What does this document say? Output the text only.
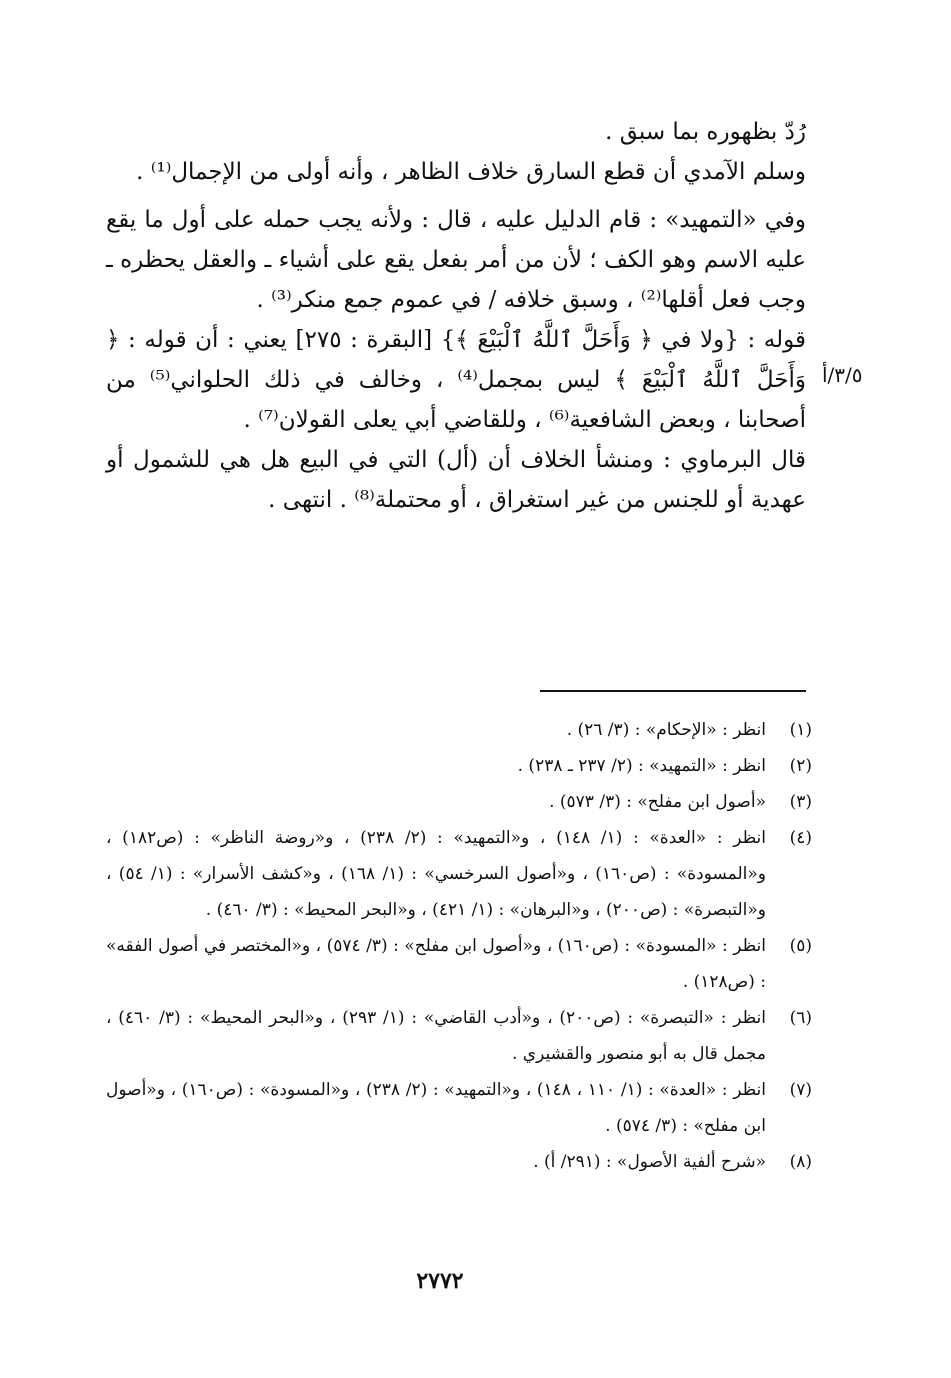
رُدّ بظهوره بما سبق .

وسلم الآمدي أن قطع السارق خلاف الظاهر ، وأنه أولى من الإجمال⁽¹⁾ .

وفي «التمهيد» : قام الدليل عليه ، قال : ولأنه يجب حمله على أول ما يقع عليه الاسم وهو الكف ؛ لأن من أمر بفعل يقع على أشياء ـ والعقل يحظره ـ وجب فعل أقلها⁽²⁾ ، وسبق خلافه / في عموم جمع منكر⁽³⁾ .

قوله : {ولا في ﴿ وَأَحَلَّ ٱللَّهُ ٱلْبَيْعَ ﴾} [البقرة : ٢٧٥] يعني : أن قوله : ﴿ وَأَحَلَّ ٱللَّهُ ٱلْبَيْعَ ﴾ ليس بمجمل⁽⁴⁾ ، وخالف في ذلك الحلواني⁽⁵⁾ من أصحابنا ، وبعض الشافعية⁽⁶⁾ ، وللقاضي أبي يعلى القولان⁽⁷⁾ .

قال البرماوي : ومنشأ الخلاف أن (أل) التي في البيع هل هي للشمول أو عهدية أو للجنس من غير استغراق ، أو محتملة⁽⁸⁾ . انتهى .

٣/٥/أ
(١)
انظر : «الإحكام» : (٣/ ٢٦) .
(٢)
انظر : «التمهيد» : (٢/ ٢٣٧ ـ ٢٣٨) .
(٣)
«أصول ابن مفلح» : (٣/ ٥٧٣) .
(٤)
انظر : «العدة» : (١/ ١٤٨) ، و«التمهيد» : (٢/ ٢٣٨) ، و«روضة الناظر» : (ص١٨٢) ، و«المسودة» : (ص١٦٠) ، و«أصول السرخسي» : (١/ ١٦٨) ، و«كشف الأسرار» : (١/ ٥٤) ، و«التبصرة» : (ص٢٠٠) ، و«البرهان» : (١/ ٤٢١) ، و«البحر المحيط» : (٣/ ٤٦٠) .
(٥)
انظر : «المسودة» : (ص١٦٠) ، و«أصول ابن مفلح» : (٣/ ٥٧٤) ، و«المختصر في أصول الفقه» : (ص١٢٨) .
(٦)
انظر : «التبصرة» : (ص٢٠٠) ، و«أدب القاضي» : (١/ ٢٩٣) ، و«البحر المحيط» : (٣/ ٤٦٠) ، مجمل قال به أبو منصور والقشيري .
(٧)
انظر : «العدة» : (١/ ١١٠ ، ١٤٨) ، و«التمهيد» : (٢/ ٢٣٨) ، و«المسودة» : (ص١٦٠) ، و«أصول ابن مفلح» : (٣/ ٥٧٤) .
(٨)
«شرح ألفية الأصول» : (٢٩١/ أ) .
٢٧٧٢
